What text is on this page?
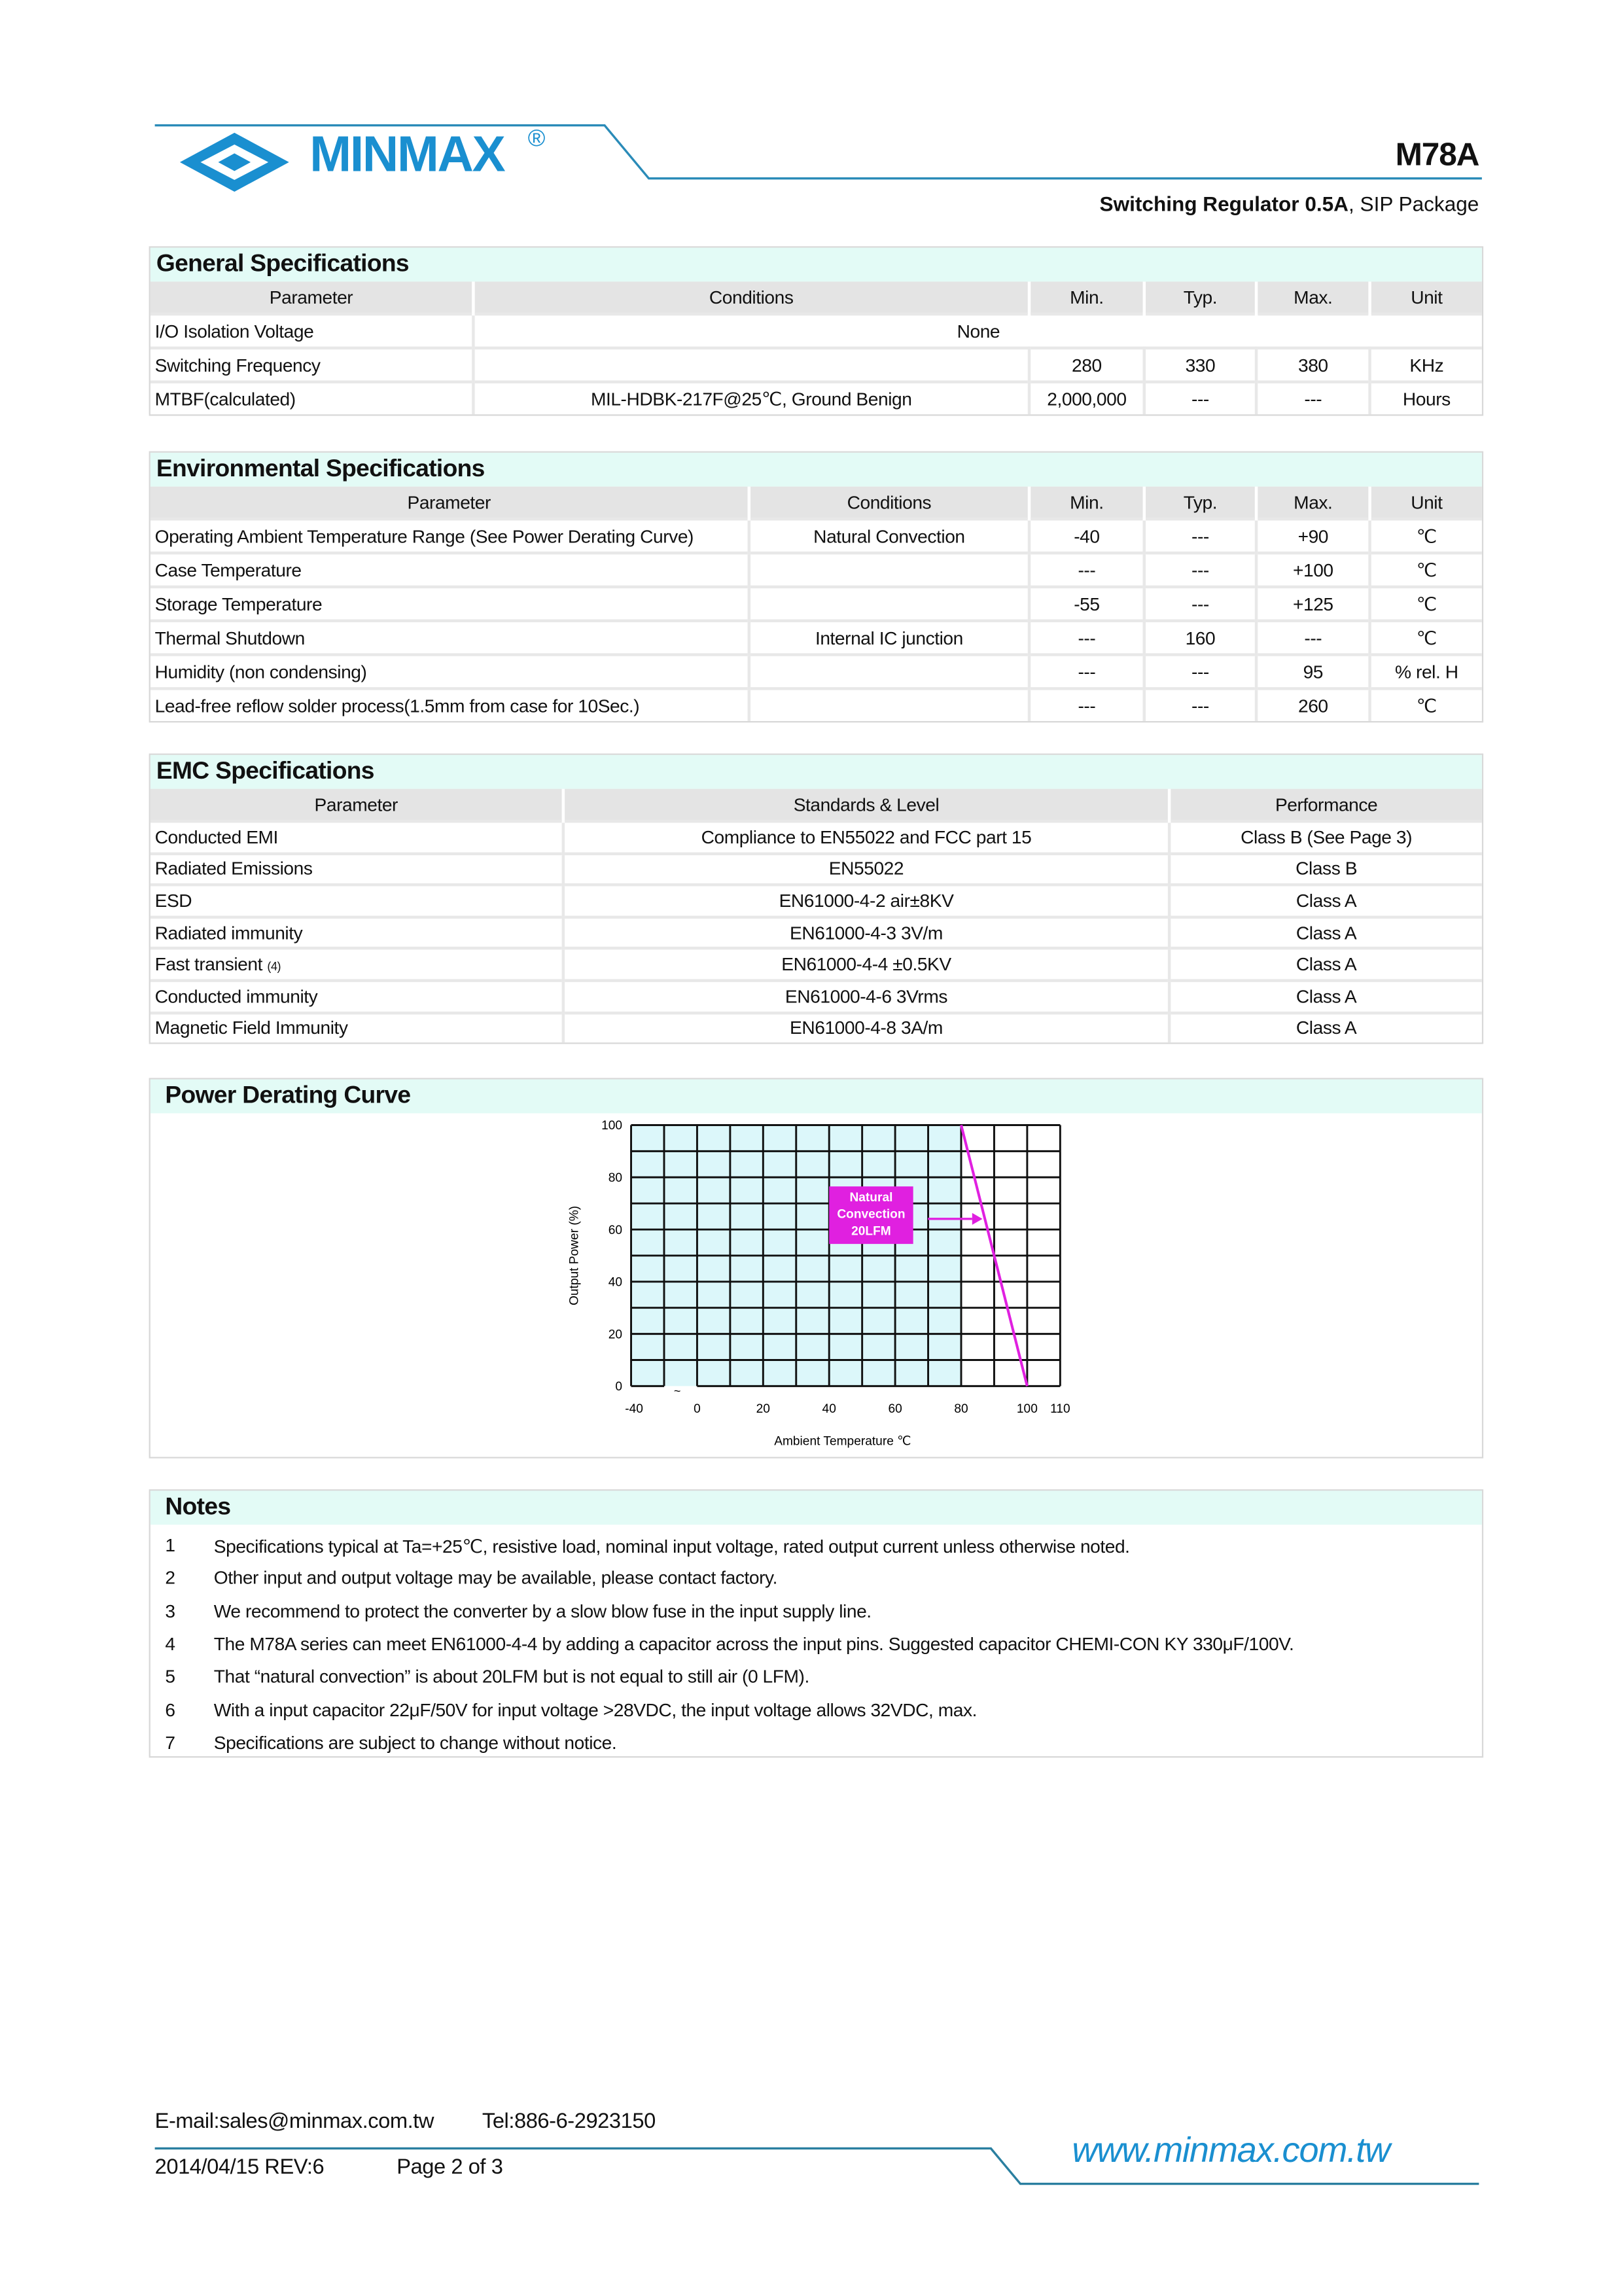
MINMAX ®	M78A
Switching Regulator 0.5A, SIP Package
General Specifications
Parameter	Conditions	Min.	Typ.	Max.	Unit
I/O Isolation Voltage	None				
Switching Frequency		280	330	380	KHz
MTBF(calculated)	MIL-HDBK-217F@25℃, Ground Benign	2,000,000	---	---	Hours
Environmental Specifications
Parameter	Conditions	Min.	Typ.	Max.	Unit
Operating Ambient Temperature Range (See Power Derating Curve)	Natural Convection	-40	---	+90	℃
Case Temperature		---	---	+100	℃
Storage Temperature		-55	---	+125	℃
Thermal Shutdown	Internal IC junction	---	160	---	℃
Humidity (non condensing)		---	---	95	% rel. H
Lead-free reflow solder process(1.5mm from case for 10Sec.)		---	---	260	℃
EMC Specifications
Parameter	Standards & Level	Performance
Conducted EMI	Compliance to EN55022 and FCC part 15	Class B (See Page 3)
Radiated Emissions	EN55022	Class B
ESD	EN61000-4-2 air±8KV	Class A
Radiated immunity	EN61000-4-3 3V/m	Class A
Fast transient (4)	EN61000-4-4 ±0.5KV	Class A
Conducted immunity	EN61000-4-6 3Vrms	Class A
Magnetic Field Immunity	EN61000-4-8 3A/m	Class A
Power Derating Curve
~
0
20
40
60
80
100
-40	0	20	40	60	80	100 110
Ambient Temperature ℃
Output Power (%)
Natural
Convection
20LFM
Notes
1	Specifications typical at Ta=+25℃, resistive load, nominal input voltage, rated output current unless otherwise noted.
2	Other input and output voltage may be available, please contact factory.
3	We recommend to protect the converter by a slow blow fuse in the input supply line.
4	The M78A series can meet EN61000-4-4 by adding a capacitor across the input pins. Suggested capacitor CHEMI-CON KY 330μF/100V.
5	That “natural convection” is about 20LFM but is not equal to still air (0 LFM).
6	With a input capacitor 22μF/50V for input voltage >28VDC, the input voltage allows 32VDC, max.
7	Specifications are subject to change without notice.
E-mail:sales@minmax.com.tw	Tel:886-6-2923150
2014/04/15 REV:6	Page 2 of 3	www.minmax.com.tw
